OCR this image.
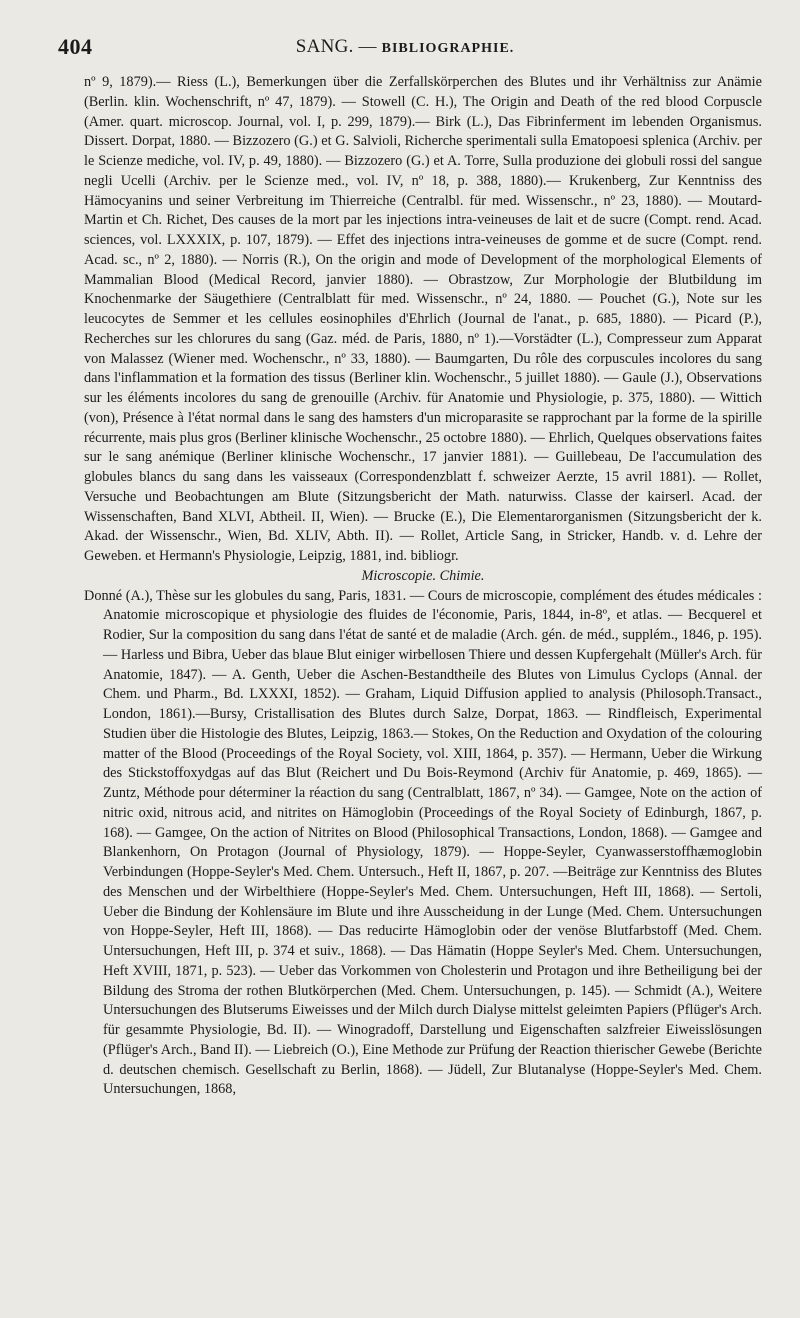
404	SANG. — BIBLIOGRAPHIE.

nº 9, 1879).— Riess (L.), Bemerkungen über die Zerfallskörperchen des Blutes und ihr Verhältniss zur Anämie (Berlin. klin. Wochenschrift, nº 47, 1879). — Stowell (C. H.), The Origin and Death of the red blood Corpuscle (Amer. quart. microscop. Journal, vol. I, p. 299, 1879).— Birk (L.), Das Fibrinferment im lebenden Organismus. Dissert. Dorpat, 1880. — Bizzozero (G.) et G. Salvioli, Richerche sperimentali sulla Ematopoesi splenica (Archiv. per le Scienze mediche, vol. IV, p. 49, 1880). — Bizzozero (G.) et A. Torre, Sulla produzione dei globuli rossi del sangue negli Ucelli (Archiv. per le Scienze med., vol. IV, nº 18, p. 388, 1880).— Krukenberg, Zur Kenntniss des Hämocyanins und seiner Verbreitung im Thierreiche (Centralbl. für med. Wissenschr., nº 23, 1880). — Moutard-Martin et Ch. Richet, Des causes de la mort par les injections intra-veineuses de lait et de sucre (Compt. rend. Acad. sciences, vol. LXXXIX, p. 107, 1879). — Effet des injections intra-veineuses de gomme et de sucre (Compt. rend. Acad. sc., nº 2, 1880). — Norris (R.), On the origin and mode of Development of the morphological Elements of Mammalian Blood (Medical Record, janvier 1880). — Obrastzow, Zur Morphologie der Blutbildung im Knochenmarke der Säugethiere (Centralblatt für med. Wissenschr., nº 24, 1880. — Pouchet (G.), Note sur les leucocytes de Semmer et les cellules eosinophiles d'Ehrlich (Journal de l'anat., p. 685, 1880). — Picard (P.), Recherches sur les chlorures du sang (Gaz. méd. de Paris, 1880, nº 1).—Vorstädter (L.), Compresseur zum Apparat von Malassez (Wiener med. Wochenschr., nº 33, 1880). — Baumgarten, Du rôle des corpuscules incolores du sang dans l'inflammation et la formation des tissus (Berliner klin. Wochenschr., 5 juillet 1880). — Gaule (J.), Observations sur les éléments incolores du sang de grenouille (Archiv. für Anatomie und Physiologie, p. 375, 1880). — Wittich (von), Présence à l'état normal dans le sang des hamsters d'un microparasite se rapprochant par la forme de la spirille récurrente, mais plus gros (Berliner klinische Wochenschr., 25 octobre 1880). — Ehrlich, Quelques observations faites sur le sang anémique (Berliner klinische Wochenschr., 17 janvier 1881). — Guillebeau, De l'accumulation des globules blancs du sang dans les vaisseaux (Correspondenzblatt f. schweizer Aerzte, 15 avril 1881). — Rollet, Versuche und Beobachtungen am Blute (Sitzungsbericht der Math. naturwiss. Classe der kairserl. Acad. der Wissenschaften, Band XLVI, Abtheil. II, Wien). — Brucke (E.), Die Elementarorganismen (Sitzungsbericht der k. Akad. der Wissenschr., Wien, Bd. XLIV, Abth. II). — Rollet, Article Sang, in Stricker, Handb. v. d. Lehre der Geweben. et Hermann's Physiologie, Leipzig, 1881, ind. bibliogr.

Microscopie. Chimie.

Donné (A.), Thèse sur les globules du sang, Paris, 1831. — Cours de microscopie, complément des études médicales : Anatomie microscopique et physiologie des fluides de l'économie, Paris, 1844, in-8º, et atlas. — Becquerel et Rodier, Sur la composition du sang dans l'état de santé et de maladie (Arch. gén. de méd., supplém., 1846, p. 195).— Harless und Bibra, Ueber das blaue Blut einiger wirbellosen Thiere und dessen Kupfergehalt (Müller's Arch. für Anatomie, 1847). — A. Genth, Ueber die Aschen-Bestandtheile des Blutes von Limulus Cyclops (Annal. der Chem. und Pharm., Bd. LXXXI, 1852). — Graham, Liquid Diffusion applied to analysis (Philosoph.Transact., London, 1861).—Bursy, Cristallisation des Blutes durch Salze, Dorpat, 1863. — Rindfleisch, Experimental Studien über die Histologie des Blutes, Leipzig, 1863.— Stokes, On the Reduction and Oxydation of the colouring matter of the Blood (Proceedings of the Royal Society, vol. XIII, 1864, p. 357). — Hermann, Ueber die Wirkung des Stickstoffoxydgas auf das Blut (Reichert und Du Bois-Reymond (Archiv für Anatomie, p. 469, 1865). — Zuntz, Méthode pour déterminer la réaction du sang (Centralblatt, 1867, nº 34). — Gamgee, Note on the action of nitric oxid, nitrous acid, and nitrites on Hämoglobin (Proceedings of the Royal Society of Edinburgh, 1867, p. 168). — Gamgee, On the action of Nitrites on Blood (Philosophical Transactions, London, 1868). — Gamgee and Blankenhorn, On Protagon (Journal of Physiology, 1879). — Hoppe-Seyler, Cyanwasserstoffhæmoglobin Verbindungen (Hoppe-Seyler's Med. Chem. Untersuch., Heft II, 1867, p. 207. —Beiträge zur Kenntniss des Blutes des Menschen und der Wirbelthiere (Hoppe-Seyler's Med. Chem. Untersuchungen, Heft III, 1868). — Sertoli, Ueber die Bindung der Kohlensäure im Blute und ihre Ausscheidung in der Lunge (Med. Chem. Untersuchungen von Hoppe-Seyler, Heft III, 1868). — Das reducirte Hämoglobin oder der venöse Blutfarbstoff (Med. Chem. Untersuchungen, Heft III, p. 374 et suiv., 1868). — Das Hämatin (Hoppe Seyler's Med. Chem. Untersuchungen, Heft XVIII, 1871, p. 523). — Ueber das Vorkommen von Cholesterin und Protagon und ihre Betheiligung bei der Bildung des Stroma der rothen Blutkörperchen (Med. Chem. Untersuchungen, p. 145). — Schmidt (A.), Weitere Untersuchungen des Blutserums Eiweisses und der Milch durch Dialyse mittelst geleimten Papiers (Pflüger's Arch. für gesammte Physiologie, Bd. II). — Winogradoff, Darstellung und Eigenschaften salzfreier Eiweisslösungen (Pflüger's Arch., Band II). — Liebreich (O.), Eine Methode zur Prüfung der Reaction thierischer Gewebe (Berichte d. deutschen chemisch. Gesellschaft zu Berlin, 1868). — Jüdell, Zur Blutanalyse (Hoppe-Seyler's Med. Chem. Untersuchungen, 1868,
